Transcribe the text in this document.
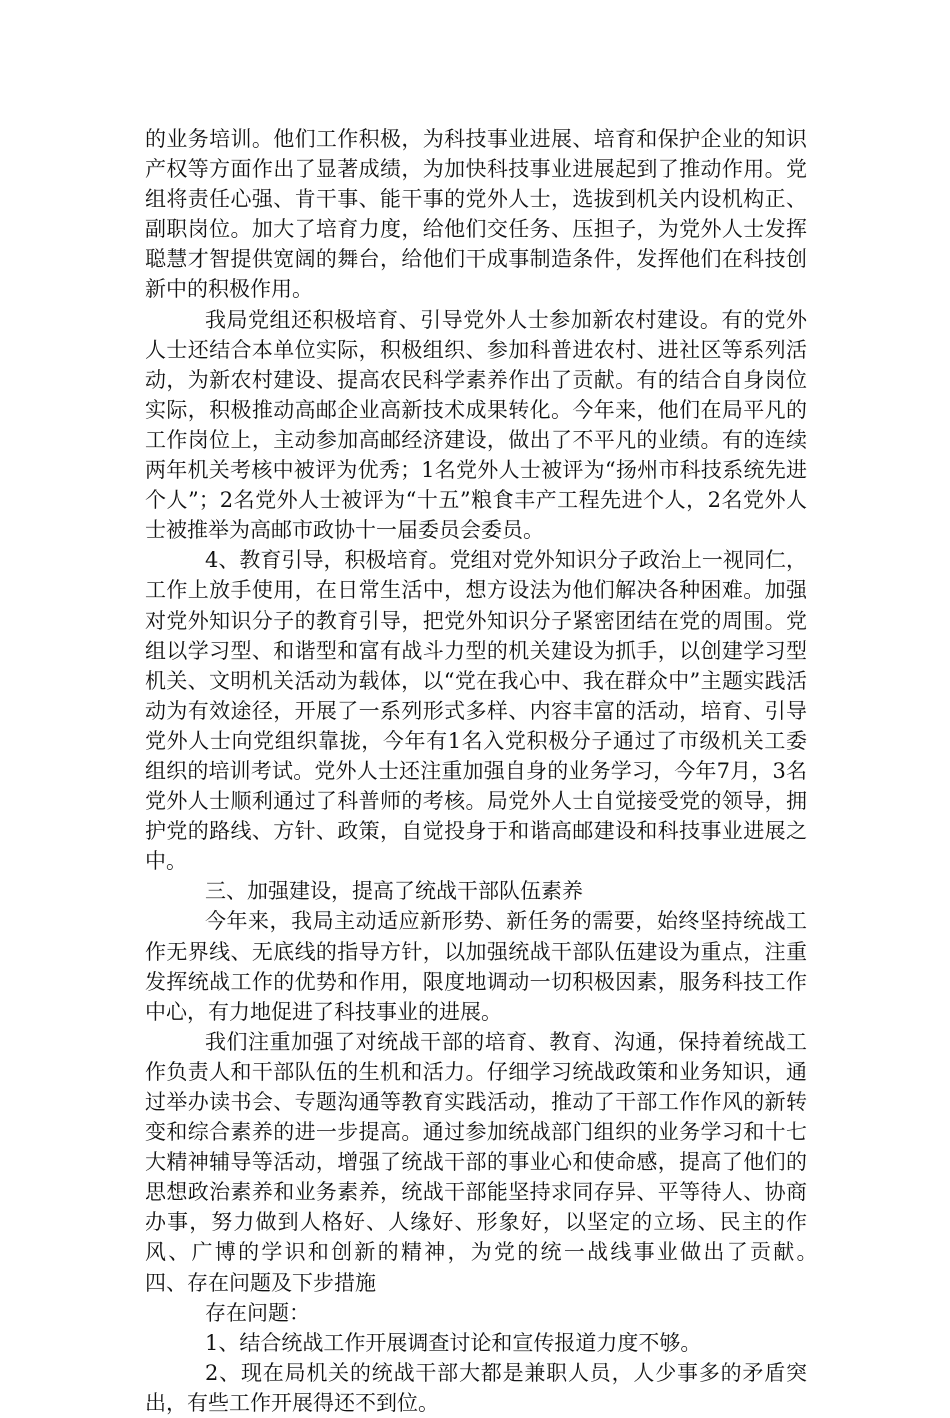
的业务培训。他们工作积极，为科技事业进展、培育和保护企业的知识产权等方面作出了显著成绩，为加快科技事业进展起到了推动作用。党组将责任心强、肯干事、能干事的党外人士，选拔到机关内设机构正、副职岗位。加大了培育力度，给他们交任务、压担子，为党外人士发挥聪慧才智提供宽阔的舞台，给他们干成事制造条件，发挥他们在科技创新中的积极作用。

我局党组还积极培育、引导党外人士参加新农村建设。有的党外人士还结合本单位实际，积极组织、参加科普进农村、进社区等系列活动，为新农村建设、提高农民科学素养作出了贡献。有的结合自身岗位实际，积极推动高邮企业高新技术成果转化。今年来，他们在局平凡的工作岗位上，主动参加高邮经济建设，做出了不平凡的业绩。有的连续两年机关考核中被评为优秀；1名党外人士被评为“扬州市科技系统先进个人”；2名党外人士被评为“十五”粮食丰产工程先进个人，2名党外人士被推举为高邮市政协十一届委员会委员。

4、教育引导，积极培育。党组对党外知识分子政治上一视同仁，工作上放手使用，在日常生活中，想方设法为他们解决各种困难。加强对党外知识分子的教育引导，把党外知识分子紧密团结在党的周围。党组以学习型、和谐型和富有战斗力型的机关建设为抓手，以创建学习型机关、文明机关活动为载体，以“党在我心中、我在群众中”主题实践活动为有效途径，开展了一系列形式多样、内容丰富的活动，培育、引导党外人士向党组织靠拢，今年有1名入党积极分子通过了市级机关工委组织的培训考试。党外人士还注重加强自身的业务学习，今年7月，3名党外人士顺利通过了科普师的考核。局党外人士自觉接受党的领导，拥护党的路线、方针、政策，自觉投身于和谐高邮建设和科技事业进展之中。

三、加强建设，提高了统战干部队伍素养

今年来，我局主动适应新形势、新任务的需要，始终坚持统战工作无界线、无底线的指导方针，以加强统战干部队伍建设为重点，注重发挥统战工作的优势和作用，限度地调动一切积极因素，服务科技工作中心，有力地促进了科技事业的进展。

我们注重加强了对统战干部的培育、教育、沟通，保持着统战工作负责人和干部队伍的生机和活力。仔细学习统战政策和业务知识，通过举办读书会、专题沟通等教育实践活动，推动了干部工作作风的新转变和综合素养的进一步提高。通过参加统战部门组织的业务学习和十七大精神辅导等活动，增强了统战干部的事业心和使命感，提高了他们的思想政治素养和业务素养，统战干部能坚持求同存异、平等待人、协商办事，努力做到人格好、人缘好、形象好，以坚定的立场、民主的作风、广博的学识和创新的精神，为党的统一战线事业做出了贡献。　　四、存在问题及下步措施

存在问题：

1、结合统战工作开展调查讨论和宣传报道力度不够。

2、现在局机关的统战干部大都是兼职人员，人少事多的矛盾突出，有些工作开展得还不到位。
